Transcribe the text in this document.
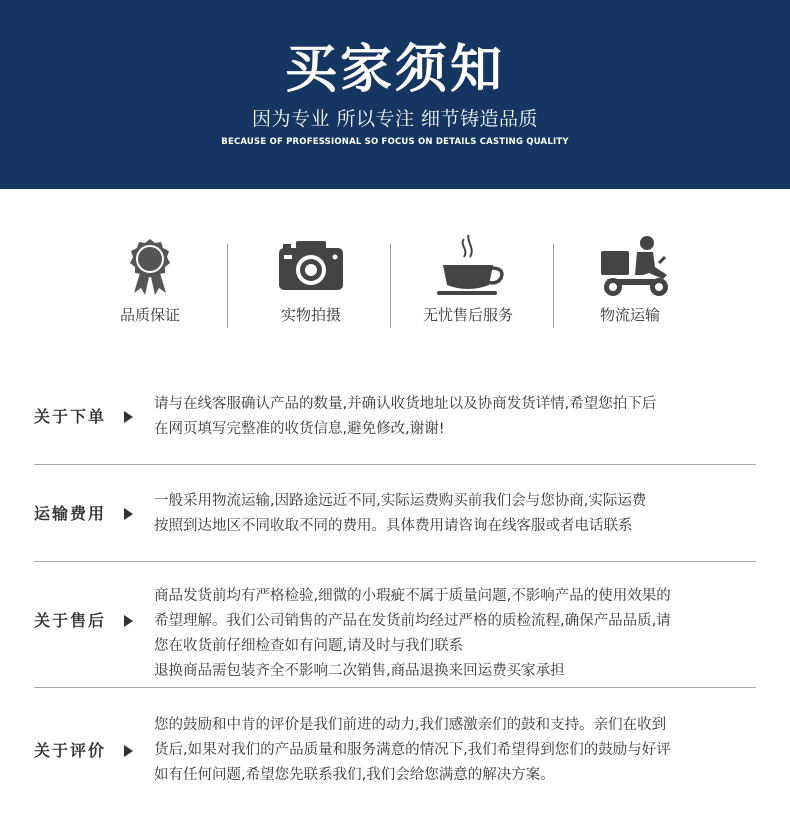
买家须知
因为专业 所以专注 细节铸造品质
BECAUSE OF PROFESSIONAL SO FOCUS ON DETAILS CASTING QUALITY
品质保证	实物拍摄	无忧售后服务	物流运输
关于下单
请与在线客服确认产品的数量,并确认收货地址以及协商发货详情,希望您拍下后
在网页填写完整准的收货信息,避免修改,谢谢!
运输费用
一般采用物流运输,因路途远近不同,实际运费购买前我们会与您协商,实际运费
按照到达地区不同收取不同的费用。具体费用请咨询在线客服或者电话联系
关于售后
商品发货前均有严格检验,细微的小瑕疵不属于质量问题,不影响产品的使用效果的
希望理解。我们公司销售的产品在发货前均经过严格的质检流程,确保产品品质,请
您在收货前仔细检查如有问题,请及时与我们联系
退换商品需包装齐全不影响二次销售,商品退换来回运费买家承担
关于评价
您的鼓励和中肯的评价是我们前进的动力,我们感激亲们的鼓和支持。亲们在收到
货后,如果对我们的产品质量和服务满意的情况下,我们希望得到您们的鼓励与好评
如有任何问题,希望您先联系我们,我们会给您满意的解决方案。
